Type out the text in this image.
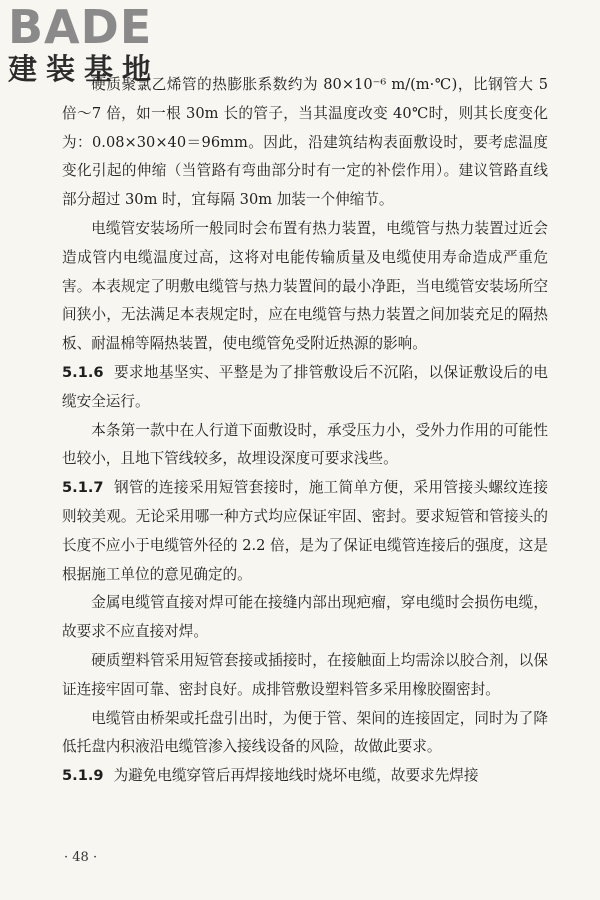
BADE
建装基地

硬质聚氯乙烯管的热膨胀系数约为 80×10⁻⁶ m/(m·℃)，比钢管大 5 倍～7 倍，如一根 30m 长的管子，当其温度改变 40℃时，则其长度变化为：0.08×30×40＝96mm。因此，沿建筑结构表面敷设时，要考虑温度变化引起的伸缩（当管路有弯曲部分时有一定的补偿作用）。建议管路直线部分超过 30m 时，宜每隔 30m 加装一个伸缩节。

电缆管安装场所一般同时会布置有热力装置，电缆管与热力装置过近会造成管内电缆温度过高，这将对电能传输质量及电缆使用寿命造成严重危害。本表规定了明敷电缆管与热力装置间的最小净距，当电缆管安装场所空间狭小，无法满足本表规定时，应在电缆管与热力装置之间加装充足的隔热板、耐温棉等隔热装置，使电缆管免受附近热源的影响。

5.1.6 要求地基坚实、平整是为了排管敷设后不沉陷，以保证敷设后的电缆安全运行。

本条第一款中在人行道下面敷设时，承受压力小，受外力作用的可能性也较小，且地下管线较多，故埋设深度可要求浅些。

5.1.7 钢管的连接采用短管套接时，施工简单方便，采用管接头螺纹连接则较美观。无论采用哪一种方式均应保证牢固、密封。要求短管和管接头的长度不应小于电缆管外径的 2.2 倍，是为了保证电缆管连接后的强度，这是根据施工单位的意见确定的。

金属电缆管直接对焊可能在接缝内部出现疤瘤，穿电缆时会损伤电缆，故要求不应直接对焊。

硬质塑料管采用短管套接或插接时，在接触面上均需涂以胶合剂，以保证连接牢固可靠、密封良好。成排管敷设塑料管多采用橡胶圈密封。

电缆管由桥架或托盘引出时，为便于管、架间的连接固定，同时为了降低托盘内积液沿电缆管渗入接线设备的风险，故做此要求。

5.1.9 为避免电缆穿管后再焊接地线时烧坏电缆，故要求先焊接

· 48 ·
